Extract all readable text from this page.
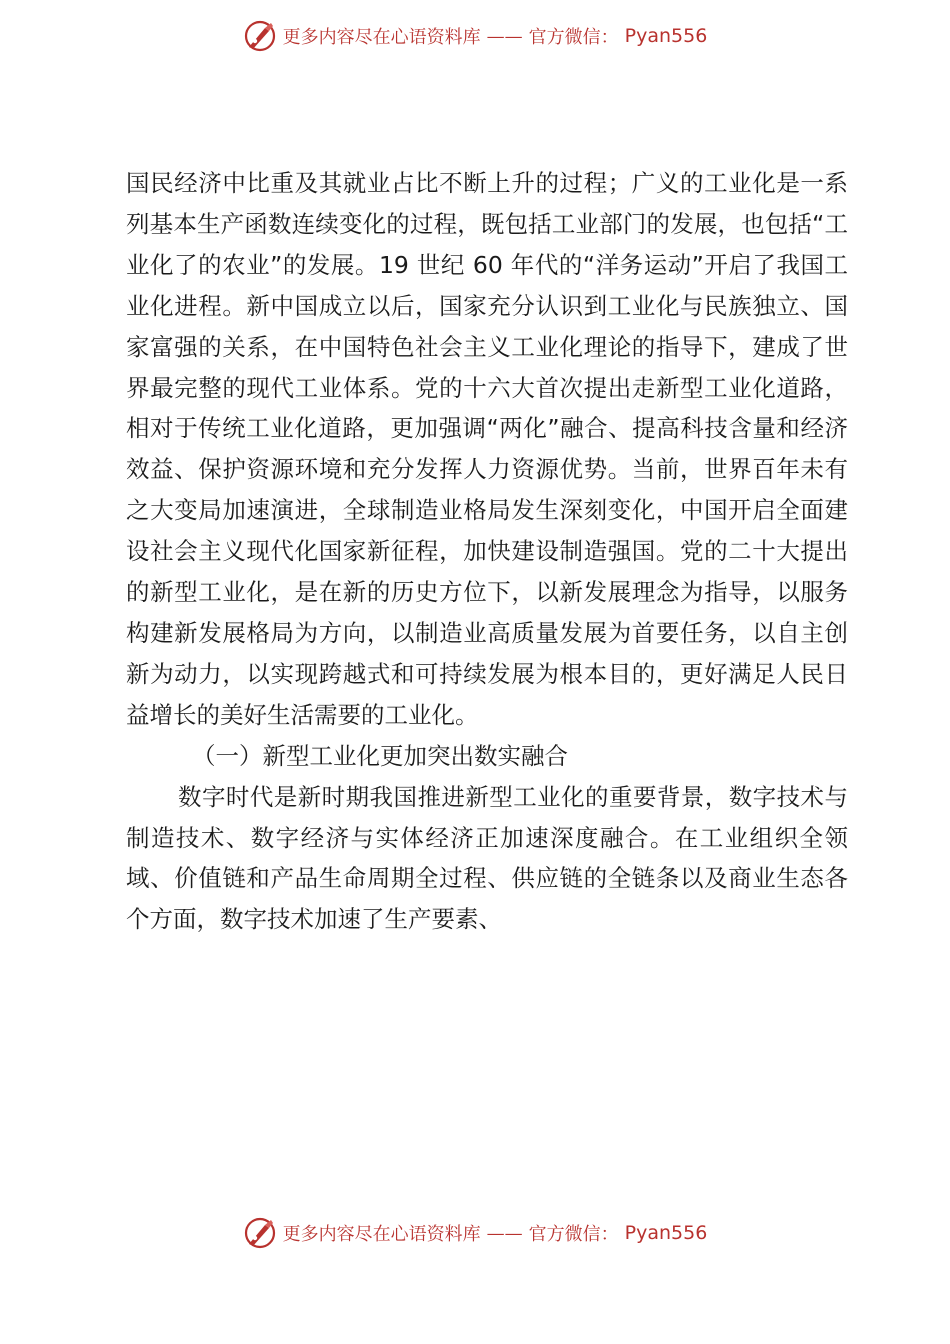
更多内容尽在心语资料库 —— 官方微信： Pyan556

国民经济中比重及其就业占比不断上升的过程；广义的工业化是一系列基本生产函数连续变化的过程，既包括工业部门的发展，也包括“工业化了的农业”的发展。19 世纪 60 年代的“洋务运动”开启了我国工业化进程。新中国成立以后，国家充分认识到工业化与民族独立、国家富强的关系，在中国特色社会主义工业化理论的指导下，建成了世界最完整的现代工业体系。党的十六大首次提出走新型工业化道路，相对于传统工业化道路，更加强调“两化”融合、提高科技含量和经济效益、保护资源环境和充分发挥人力资源优势。当前，世界百年未有之大变局加速演进，全球制造业格局发生深刻变化，中国开启全面建设社会主义现代化国家新征程，加快建设制造强国。党的二十大提出的新型工业化，是在新的历史方位下，以新发展理念为指导，以服务构建新发展格局为方向，以制造业高质量发展为首要任务，以自主创新为动力，以实现跨越式和可持续发展为根本目的，更好满足人民日益增长的美好生活需要的工业化。

（一）新型工业化更加突出数实融合

数字时代是新时期我国推进新型工业化的重要背景，数字技术与制造技术、数字经济与实体经济正加速深度融合。在工业组织全领域、价值链和产品生命周期全过程、供应链的全链条以及商业生态各个方面，数字技术加速了生产要素、

更多内容尽在心语资料库 —— 官方微信： Pyan556
